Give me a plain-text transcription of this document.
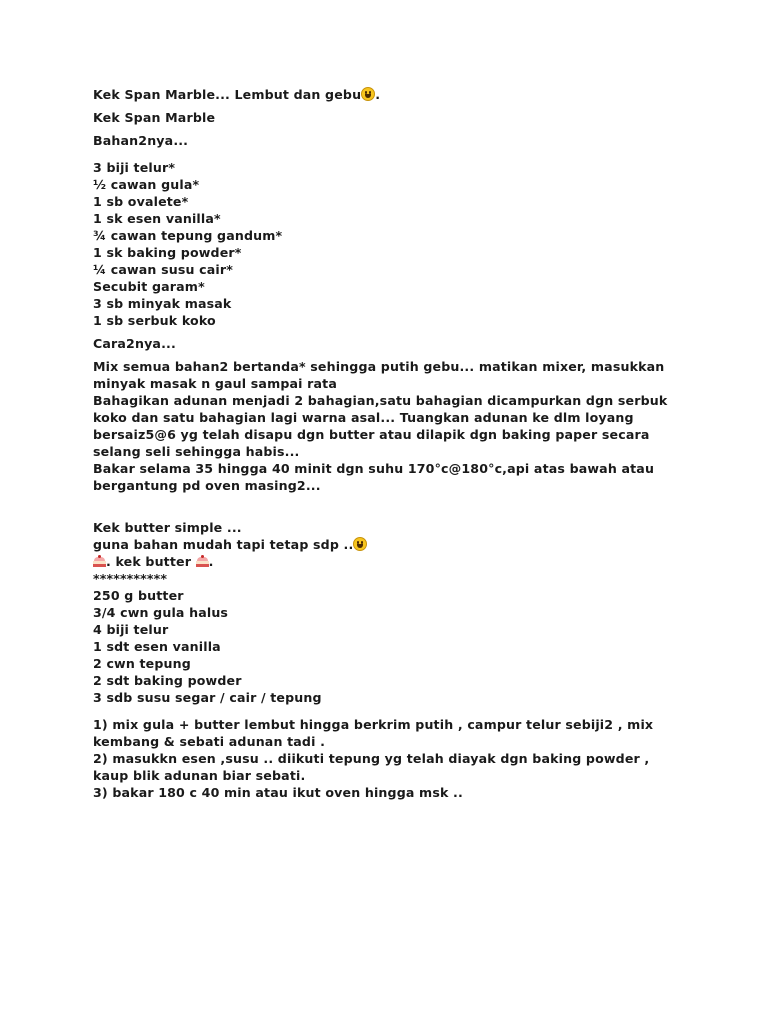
Kek Span Marble... Lembut dan gebu .
Kek Span Marble
Bahan2nya...
3 biji telur*
½ cawan gula*
1 sb ovalete*
1 sk esen vanilla*
¾ cawan tepung gandum*
1 sk baking powder*
¼ cawan susu cair*
Secubit garam*
3 sb minyak masak
1 sb serbuk koko
Cara2nya...
Mix semua bahan2 bertanda* sehingga putih gebu... matikan mixer, masukkan minyak masak n gaul sampai rata
Bahagikan adunan menjadi 2 bahagian,satu bahagian dicampurkan dgn serbuk koko dan satu bahagian lagi warna asal... Tuangkan adunan ke dlm loyang bersaiz5@6 yg telah disapu dgn butter atau dilapik dgn baking paper secara selang seli sehingga habis...
Bakar selama 35 hingga 40 minit dgn suhu 170°c@180°c,api atas bawah atau bergantung pd oven masing2...
Kek butter simple ...
guna bahan mudah tapi tetap sdp ..
. kek butter .
***********
250 g butter
3/4 cwn gula halus
4 biji telur
1 sdt esen vanilla
2 cwn tepung
2 sdt baking powder
3 sdb susu segar / cair / tepung
1) mix gula + butter lembut hingga berkrim putih , campur telur sebiji2 , mix kembang & sebati adunan tadi .
2) masukkn esen ,susu .. diikuti tepung yg telah diayak dgn baking powder , kaup blik adunan biar sebati.
3) bakar 180 c 40 min atau ikut oven hingga msk ..
